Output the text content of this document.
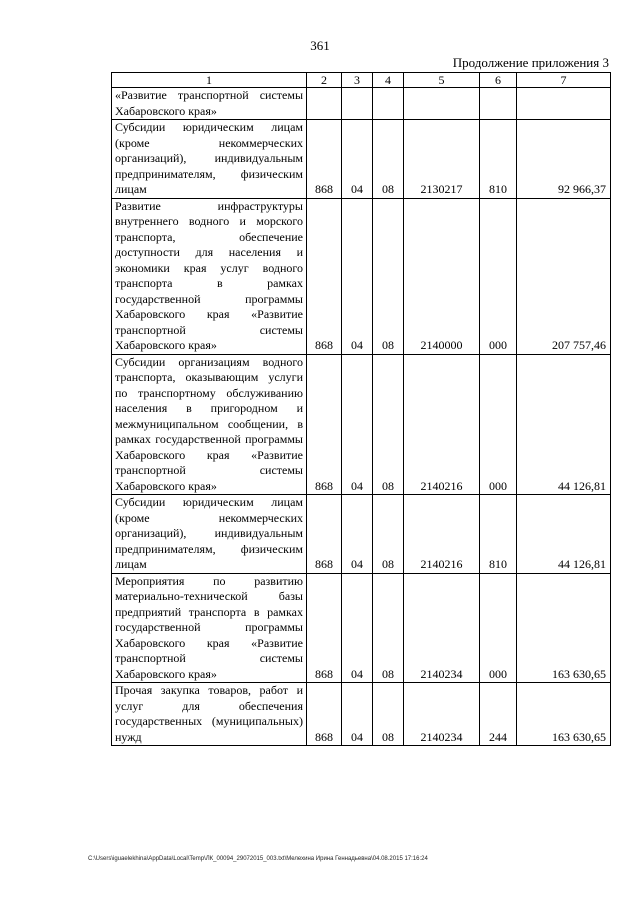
361
Продолжение приложения 3
1	2	3	4	5	6	7
«Развитие транспортной системы Хабаровского края»						
Субсидии юридическим лицам (кроме некоммерческих организаций), индивидуальным предпринимателям, физическим лицам	868	04	08	2130217	810	92 966,37
Развитие инфраструктуры внутреннего водного и морского транспорта, обеспечение доступности для населения и экономики края услуг водного транспорта в рамках государственной программы Хабаровского края «Развитие транспортной системы Хабаровского края»	868	04	08	2140000	000	207 757,46
Субсидии организациям водного транспорта, оказывающим услуги по транспортному обслуживанию населения в пригородном и межмуниципальном сообщении, в рамках государственной программы Хабаровского края «Развитие транспортной системы Хабаровского края»	868	04	08	2140216	000	44 126,81
Субсидии юридическим лицам (кроме некоммерческих организаций), индивидуальным предпринимателям, физическим лицам	868	04	08	2140216	810	44 126,81
Мероприятия по развитию материально-технической базы предприятий транспорта в рамках государственной программы Хабаровского края «Развитие транспортной системы Хабаровского края»	868	04	08	2140234	000	163 630,65
Прочая закупка товаров, работ и услуг для обеспечения государственных (муниципальных) нужд	868	04	08	2140234	244	163 630,65
C:\Users\iguaelekhina\AppData\Local\Temp\ЛК_00094_29072015_003.txt\Мелехина Ирина Геннадьевна\04.08.2015 17:16:24
